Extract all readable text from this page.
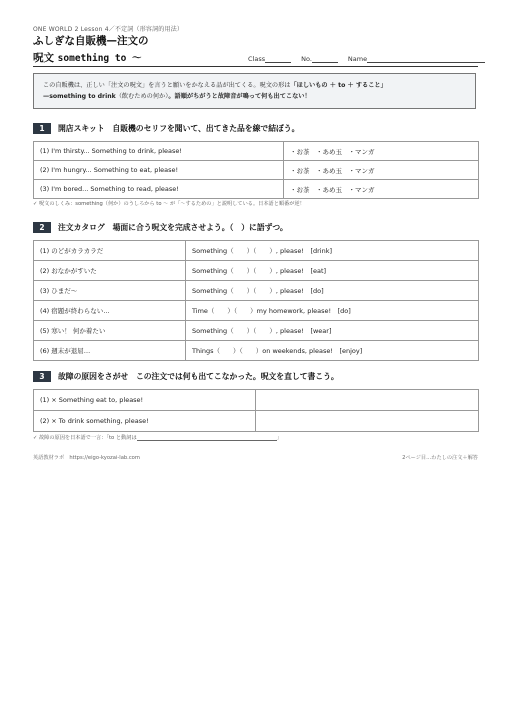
ONE WORLD 2 Lesson 4／不定詞（形容詞的用法）
ふしぎな自販機—注文の
呪文 something to ～	Class	No.	Name
この自販機は、正しい「注文の呪文」を言うと願いをかなえる品が出てくる。呪文の形は「ほしいもの ＋ to ＋ すること」
—something to drink（飲むための何か）。語順がちがうと故障音が鳴って何も出てこない！
1	開店スキット　自販機のセリフを聞いて、出てきた品を線で結ぼう。
(1) I'm thirsty... Something to drink, please!	・お茶　・あめ玉　・マンガ
(2) I'm hungry... Something to eat, please!	・お茶　・あめ玉　・マンガ
(3) I'm bored... Something to read, please!	・お茶　・あめ玉　・マンガ
✓ 呪文のしくみ：something（何か）のうしろから to ～ が「～するための」と説明している。日本語と順番が逆！
2	注文カタログ　場面に合う呪文を完成させよう。（　）に語ずつ。
(1) のどがカラカラだ	Something（　　）（　　）, please!　[drink]
(2) おなかがすいた	Something（　　）（　　）, please!　[eat]
(3) ひまだ～	Something（　　）（　　）, please!　[do]
(4) 宿題が終わらない…	Time（　　）（　　）my homework, please!　[do]
(5) 寒い！ 何か着たい	Something（　　）（　　）, please!　[wear]
(6) 週末が退屈…	Things（　　）（　　）on weekends, please!　[enjoy]
3	故障の原因をさがせ　この注文では何も出てこなかった。呪文を直して書こう。
(1) × Something eat to, please!	
(2) × To drink something, please!	
✓ 故障の原因を日本語で一言：「to と動詞は	」
英語教材ラボ　https://eigo-kyozai-lab.com	2ページ目…わたしの注文＋解答
